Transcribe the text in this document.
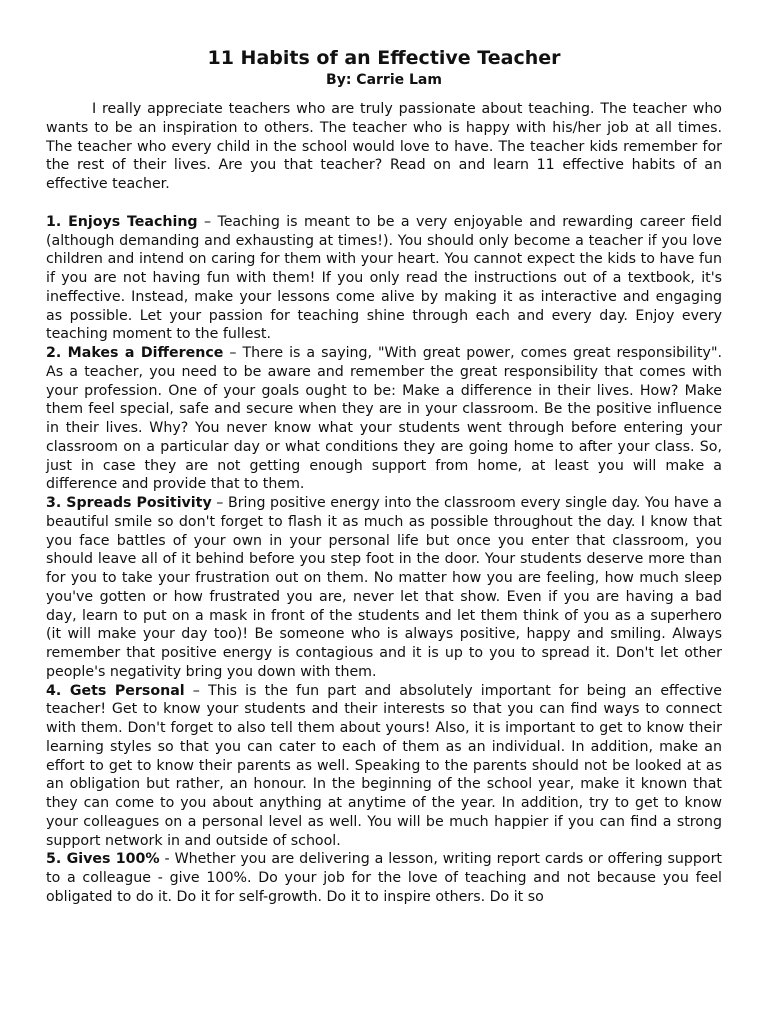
11 Habits of an Effective Teacher
By: Carrie Lam

I really appreciate teachers who are truly passionate about teaching. The teacher who wants to be an inspiration to others. The teacher who is happy with his/her job at all times. The teacher who every child in the school would love to have. The teacher kids remember for the rest of their lives. Are you that teacher? Read on and learn 11 effective habits of an effective teacher.

1. Enjoys Teaching – Teaching is meant to be a very enjoyable and rewarding career field (although demanding and exhausting at times!). You should only become a teacher if you love children and intend on caring for them with your heart. You cannot expect the kids to have fun if you are not having fun with them! If you only read the instructions out of a textbook, it's ineffective. Instead, make your lessons come alive by making it as interactive and engaging as possible. Let your passion for teaching shine through each and every day. Enjoy every teaching moment to the fullest.

2. Makes a Difference – There is a saying, "With great power, comes great responsibility". As a teacher, you need to be aware and remember the great responsibility that comes with your profession. One of your goals ought to be: Make a difference in their lives. How? Make them feel special, safe and secure when they are in your classroom. Be the positive influence in their lives. Why? You never know what your students went through before entering your classroom on a particular day or what conditions they are going home to after your class. So, just in case they are not getting enough support from home, at least you will make a difference and provide that to them.

3. Spreads Positivity – Bring positive energy into the classroom every single day. You have a beautiful smile so don't forget to flash it as much as possible throughout the day. I know that you face battles of your own in your personal life but once you enter that classroom, you should leave all of it behind before you step foot in the door. Your students deserve more than for you to take your frustration out on them. No matter how you are feeling, how much sleep you've gotten or how frustrated you are, never let that show. Even if you are having a bad day, learn to put on a mask in front of the students and let them think of you as a superhero (it will make your day too)! Be someone who is always positive, happy and smiling. Always remember that positive energy is contagious and it is up to you to spread it. Don't let other people's negativity bring you down with them.

4. Gets Personal – This is the fun part and absolutely important for being an effective teacher! Get to know your students and their interests so that you can find ways to connect with them. Don't forget to also tell them about yours! Also, it is important to get to know their learning styles so that you can cater to each of them as an individual. In addition, make an effort to get to know their parents as well. Speaking to the parents should not be looked at as an obligation but rather, an honour. In the beginning of the school year, make it known that they can come to you about anything at anytime of the year. In addition, try to get to know your colleagues on a personal level as well. You will be much happier if you can find a strong support network in and outside of school.

5. Gives 100% - Whether you are delivering a lesson, writing report cards or offering support to a colleague - give 100%. Do your job for the love of teaching and not because you feel obligated to do it. Do it for self-growth. Do it to inspire others. Do it so
